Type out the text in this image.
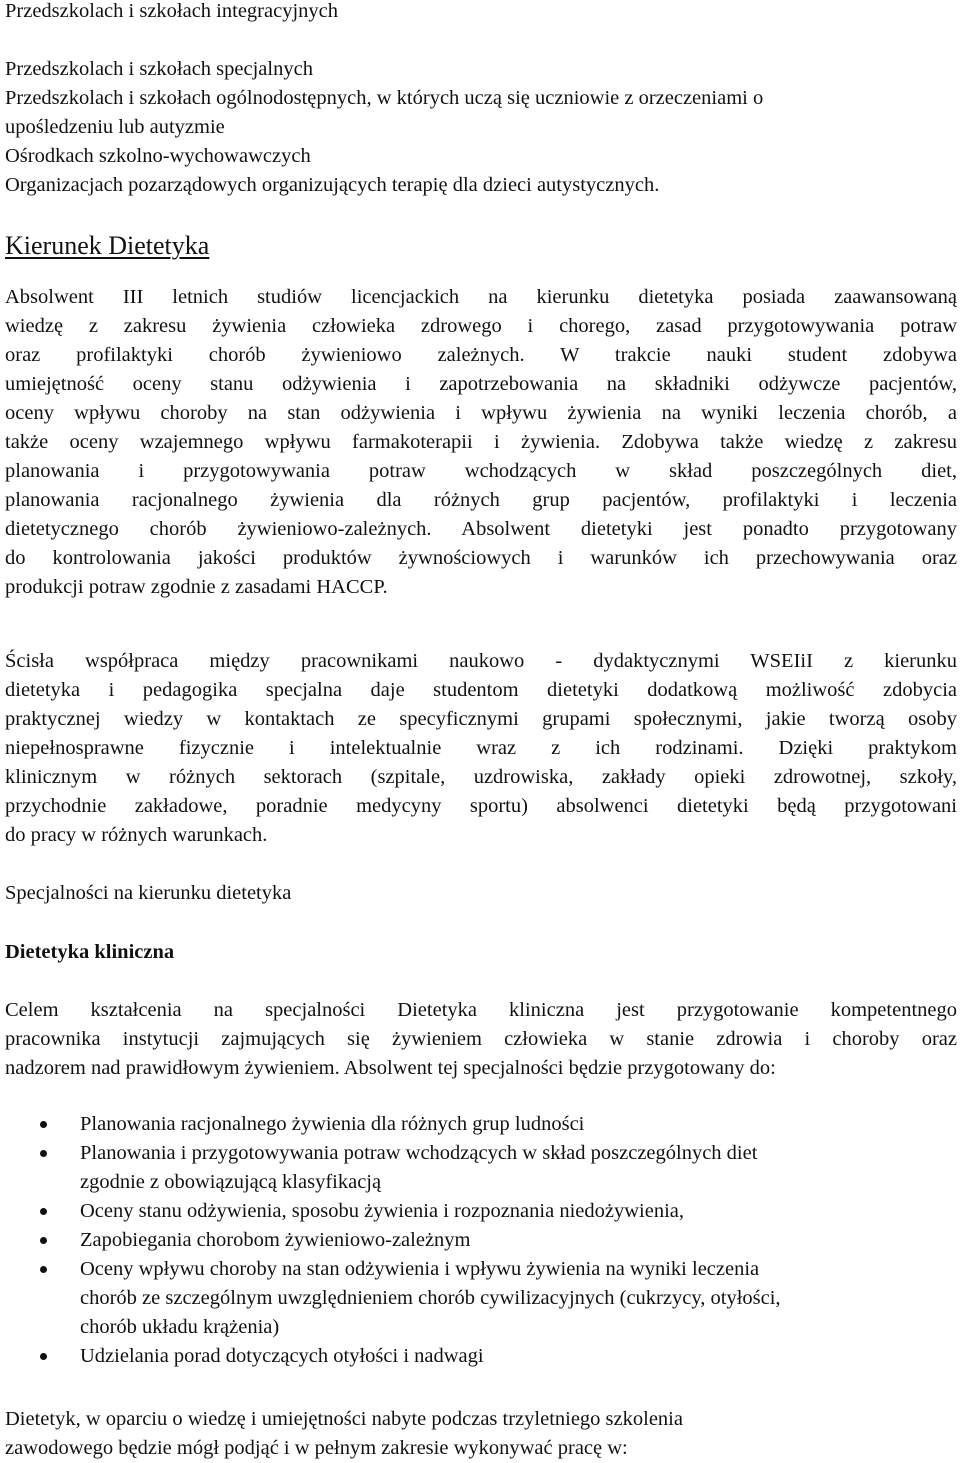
Przedszkolach i szkołach integracyjnych

Przedszkolach i szkołach specjalnych
Przedszkolach i szkołach ogólnodostępnych, w których uczą się uczniowie z orzeczeniami o
upośledzeniu lub autyzmie
Ośrodkach szkolno-wychowawczych
Organizacjach pozarządowych organizujących terapię dla dzieci autystycznych.
Kierunek Dietetyka
Absolwent III letnich studiów licencjackich na kierunku dietetyka posiada zaawansowaną
wiedzę z zakresu żywienia człowieka zdrowego i chorego, zasad przygotowywania potraw
oraz profilaktyki chorób żywieniowo zależnych. W trakcie nauki student zdobywa
umiejętność oceny stanu odżywienia i zapotrzebowania na składniki odżywcze pacjentów,
oceny wpływu choroby na stan odżywienia i wpływu żywienia na wyniki leczenia chorób, a
także oceny wzajemnego wpływu farmakoterapii i żywienia. Zdobywa także wiedzę z zakresu
planowania i przygotowywania potraw wchodzących w skład poszczególnych diet,
planowania racjonalnego żywienia dla różnych grup pacjentów, profilaktyki i leczenia
dietetycznego chorób żywieniowo-zależnych. Absolwent dietetyki jest ponadto przygotowany
do kontrolowania jakości produktów żywnościowych i warunków ich przechowywania oraz
produkcji potraw zgodnie z zasadami HACCP.
Ścisła współpraca między pracownikami naukowo - dydaktycznymi WSEIiI z kierunku
dietetyka i pedagogika specjalna daje studentom dietetyki dodatkową możliwość zdobycia
praktycznej wiedzy w kontaktach ze specyficznymi grupami społecznymi, jakie tworzą osoby
niepełnosprawne fizycznie i intelektualnie wraz z ich rodzinami. Dzięki praktykom
klinicznym w różnych sektorach (szpitale, uzdrowiska, zakłady opieki zdrowotnej, szkoły,
przychodnie zakładowe, poradnie medycyny sportu) absolwenci dietetyki będą przygotowani
do pracy w różnych warunkach.
Specjalności na kierunku dietetyka
Dietetyka kliniczna
Celem kształcenia na specjalności Dietetyka kliniczna jest przygotowanie kompetentnego
pracownika instytucji zajmujących się żywieniem człowieka w stanie zdrowia i choroby oraz
nadzorem nad prawidłowym żywieniem. Absolwent tej specjalności będzie przygotowany do:
Planowania racjonalnego żywienia dla różnych grup ludności
Planowania i przygotowywania potraw wchodzących w skład poszczególnych diet
zgodnie z obowiązującą klasyfikacją
Oceny stanu odżywienia, sposobu żywienia i rozpoznania niedożywienia,
Zapobiegania chorobom żywieniowo-zależnym
Oceny wpływu choroby na stan odżywienia i wpływu żywienia na wyniki leczenia
chorób ze szczególnym uwzględnieniem chorób cywilizacyjnych (cukrzycy, otyłości,
chorób układu krążenia)
Udzielania porad dotyczących otyłości i nadwagi
Dietetyk, w oparciu o wiedzę i umiejętności nabyte podczas trzyletniego szkolenia
zawodowego będzie mógł podjąć i w pełnym zakresie wykonywać pracę w:
